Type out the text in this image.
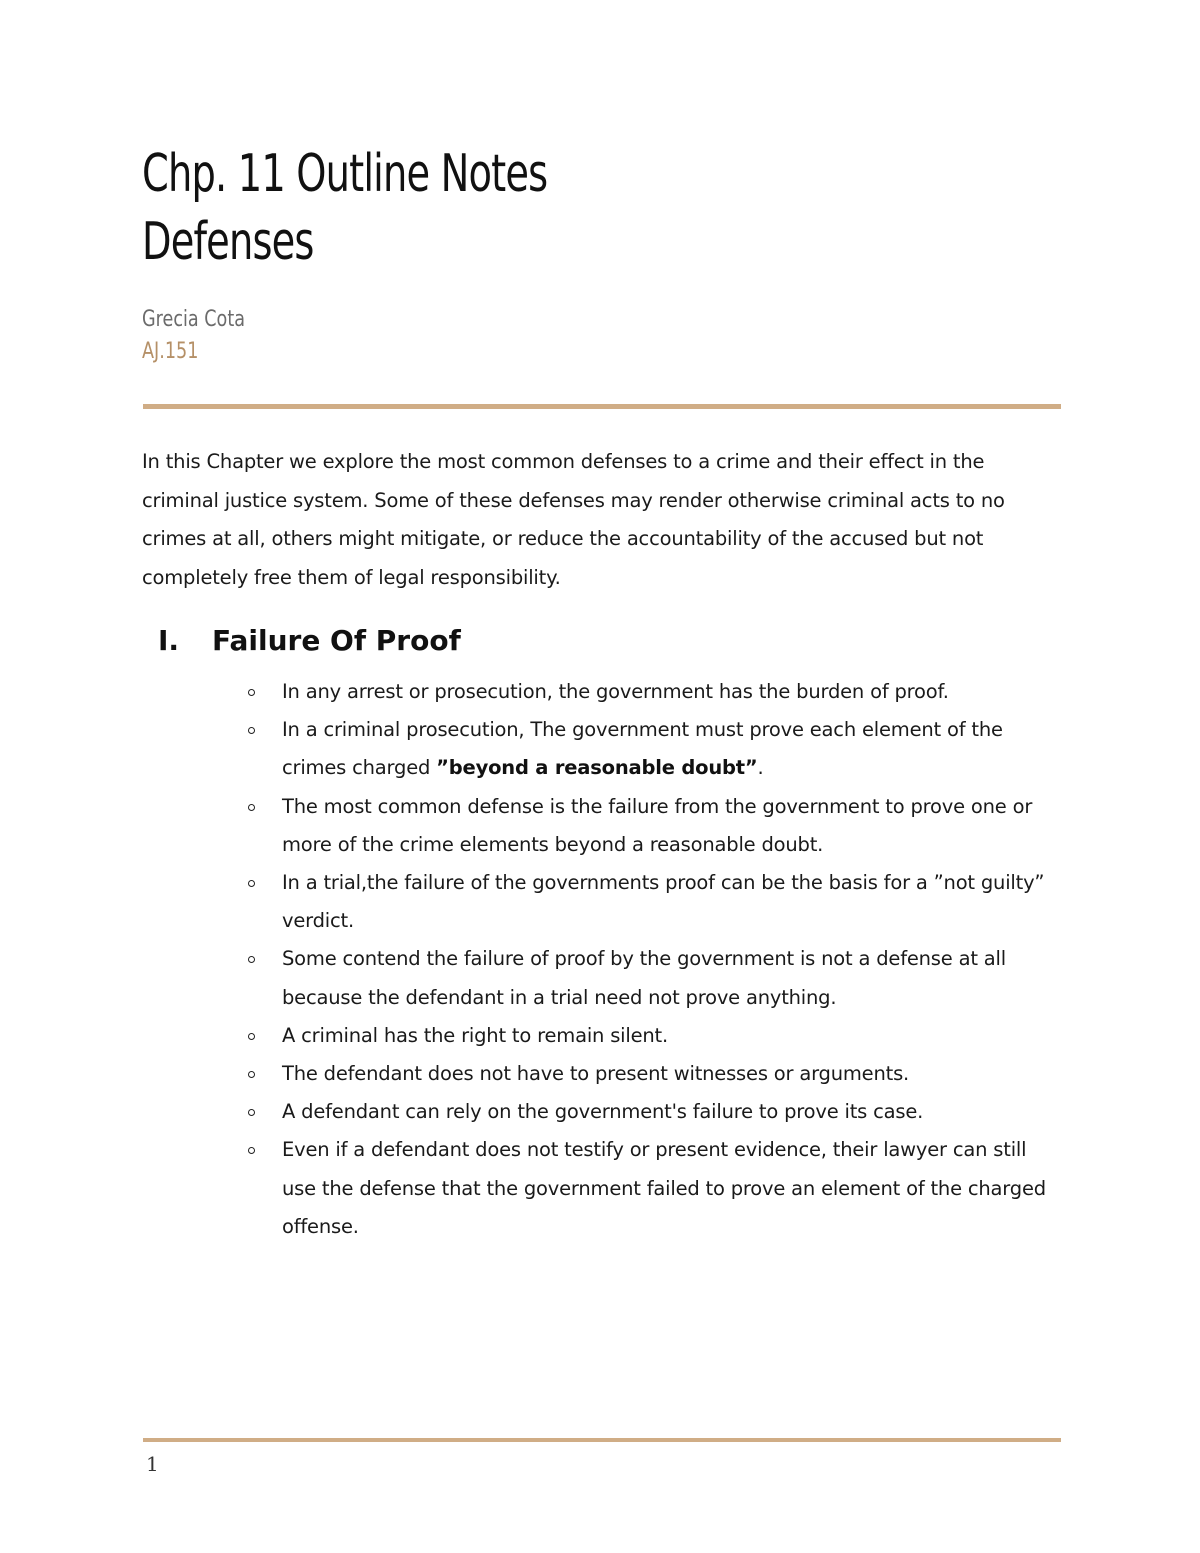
Chp. 11 Outline Notes
Defenses
Grecia Cota
AJ.151
In this Chapter we explore the most common defenses to a crime and their effect in the criminal justice system. Some of these defenses may render otherwise criminal acts to no crimes at all, others might mitigate, or reduce the accountability of the accused but not completely free them of legal responsibility.
I. Failure Of Proof
In any arrest or prosecution, the government has the burden of proof.
In a criminal prosecution, The government must prove each element of the crimes charged ”beyond a reasonable doubt”.
The most common defense is the failure from the government to prove one or more of the crime elements beyond a reasonable doubt.
In a trial,the failure of the governments proof can be the basis for a ”not guilty” verdict.
Some contend the failure of proof by the government is not a defense at all because the defendant in a trial need not prove anything.
A criminal has the right to remain silent.
The defendant does not have to present witnesses or arguments.
A defendant can rely on the government's failure to prove its case.
Even if a defendant does not testify or present evidence, their lawyer can still use the defense that the government failed to prove an element of the charged offense.
1
